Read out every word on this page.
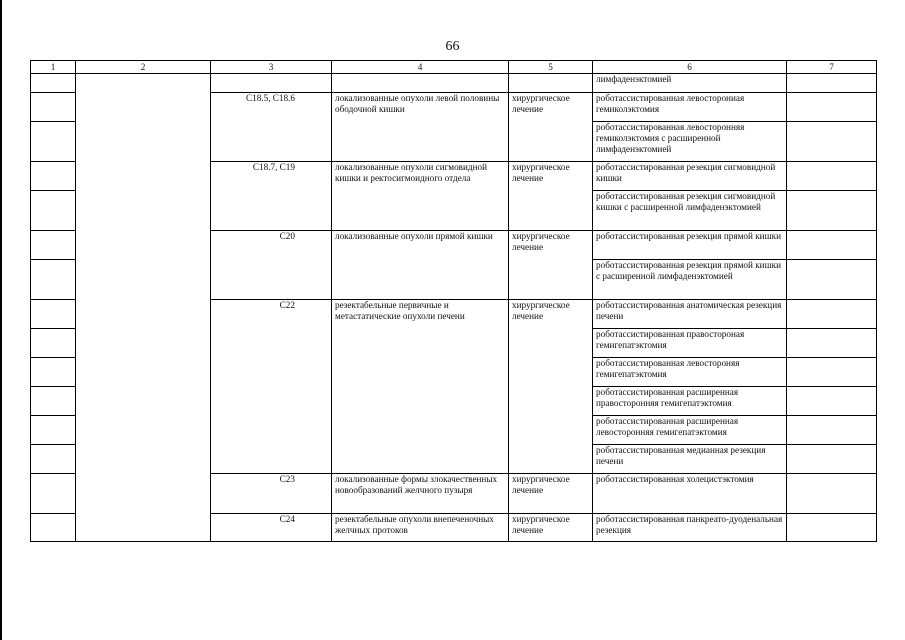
66
1	2	3	4	5	6	7
					лимфаденэктомией	
		C18.5, C18.6	локализованные опухоли левой половины ободочной кишки	хирургическое лечение	роботассистированная левосторониая гемиколэктомия	
					роботассистированная левосторонняя гемиколэктомия с расширенной лимфаденэктомией	
		C18.7, C19	локализованные опухоли сигмовидной кишки и ректосигмоидного отдела	хирургическое лечение	роботассистированная резекция сигмовидной кишки	
					роботассистированная резекция сигмовидной кишки с расширенной лимфаденэктомией	
		C20	локализованные опухоли прямой кишки	хирургическое лечение	роботассистированная резекция прямой кишки	
					роботассистированная резекция прямой кишки с расширенной лимфаденэктомией	
		C22	резектабельные первичные и метастатические опухоли печени	хирургическое лечение	роботассистированная анатомическая резекция печени	
					роботассистированная правостороная гемигепатэктомия	
					роботассистированная левостороняя гемигепатэктомия	
					роботассистированная расширенная правосторонняя гемигепатэктомия	
					роботассистированная расширенная левосторонняя гемигепатэктомия	
					роботассистированная медианная резекция печени	
		C23	локализованные формы злокачественных новообразований желчного пузыря	хирургическое лечение	роботассистированная холецистэктомия	
		C24	резектабельные опухоли внепеченочных желчных протоков	хирургическое лечение	роботассистированная панкреато-дуоденальная резекция	
